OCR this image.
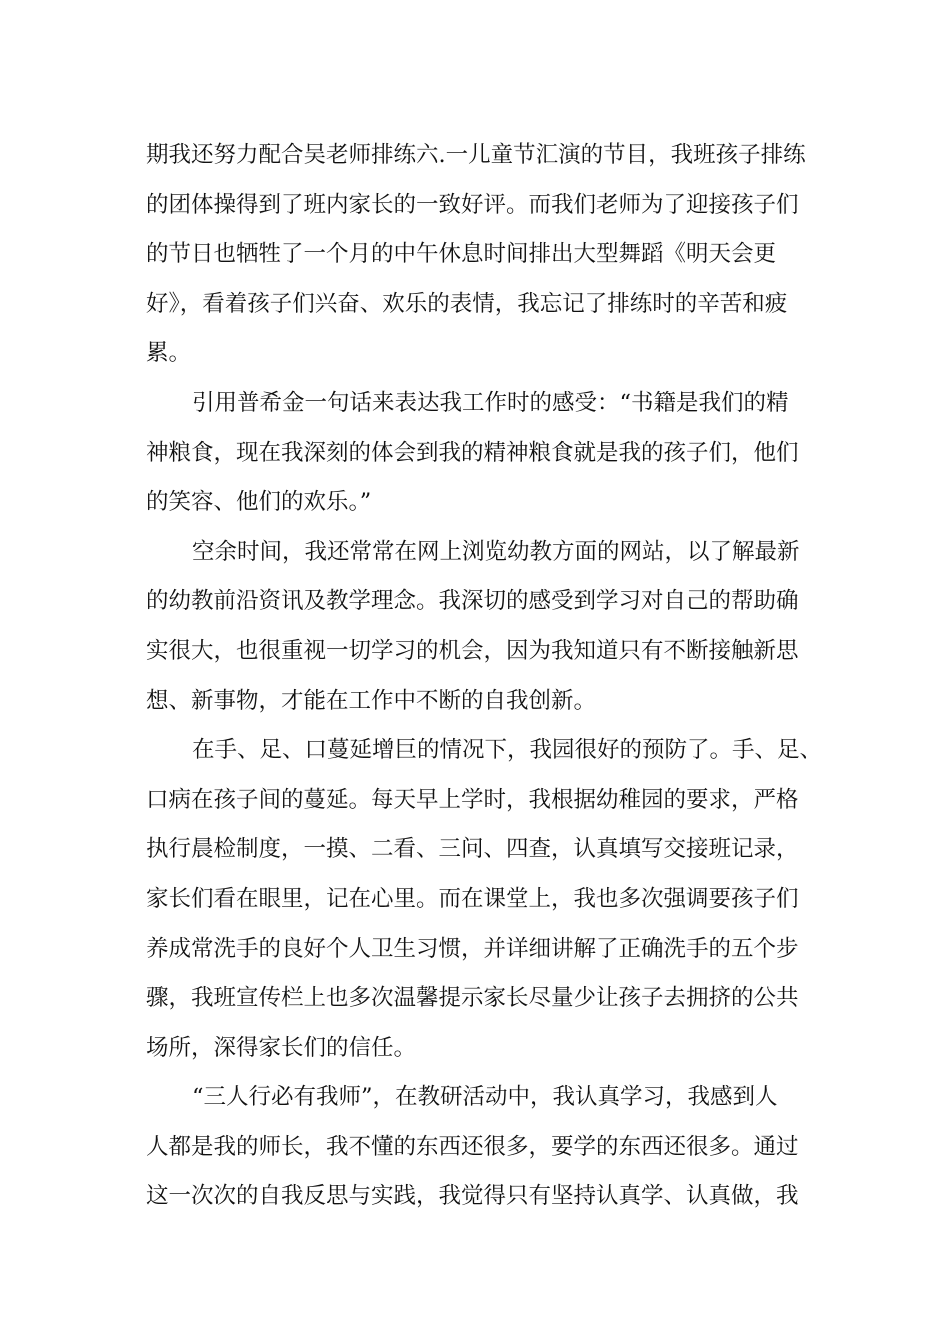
期我还努力配合吴老师排练六.一儿童节汇演的节目，我班孩子排练
的团体操得到了班内家长的一致好评。而我们老师为了迎接孩子们
的节日也牺牲了一个月的中午休息时间排出大型舞蹈《明天会更
好》，看着孩子们兴奋、欢乐的表情，我忘记了排练时的辛苦和疲
累。
引用普希金一句话来表达我工作时的感受：“书籍是我们的精
神粮食，现在我深刻的体会到我的精神粮食就是我的孩子们，他们
的笑容、他们的欢乐。”
空余时间，我还常常在网上浏览幼教方面的网站，以了解最新
的幼教前沿资讯及教学理念。我深切的感受到学习对自己的帮助确
实很大，也很重视一切学习的机会，因为我知道只有不断接触新思
想、新事物，才能在工作中不断的自我创新。
在手、足、口蔓延增巨的情况下，我园很好的预防了。手、足、
口病在孩子间的蔓延。每天早上学时，我根据幼稚园的要求，严格
执行晨检制度，一摸、二看、三问、四查，认真填写交接班记录，
家长们看在眼里，记在心里。而在课堂上，我也多次强调要孩子们
养成常洗手的良好个人卫生习惯，并详细讲解了正确洗手的五个步
骤，我班宣传栏上也多次温馨提示家长尽量少让孩子去拥挤的公共
场所，深得家长们的信任。
“三人行必有我师”，在教研活动中，我认真学习，我感到人
人都是我的师长，我不懂的东西还很多，要学的东西还很多。通过
这一次次的自我反思与实践，我觉得只有坚持认真学、认真做，我
